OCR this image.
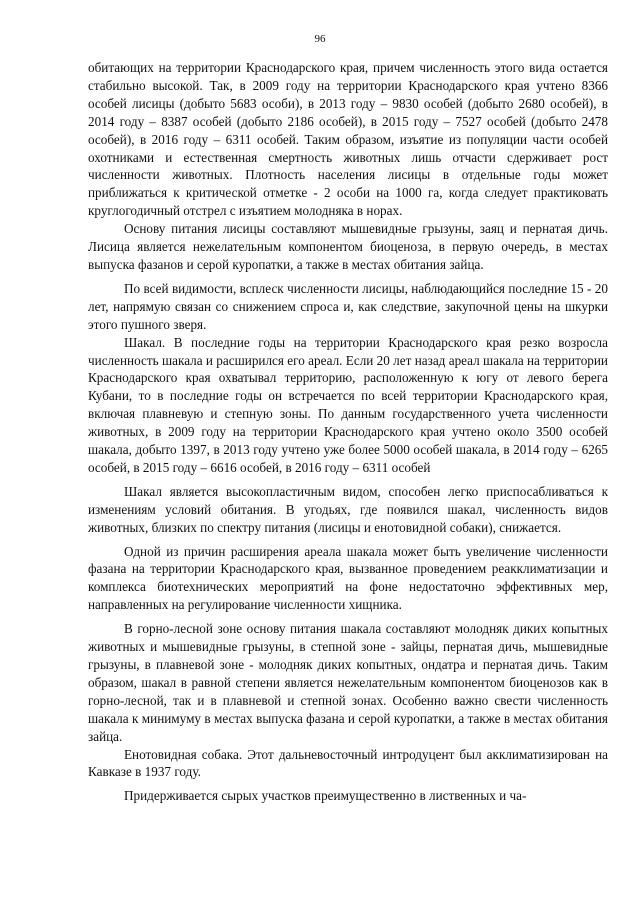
96

обитающих на территории Краснодарского края, причем численность этого вида остается стабильно высокой. Так, в 2009 году на территории Краснодарского края учтено 8366 особей лисицы (добыто 5683 особи), в 2013 году – 9830 особей (добыто 2680 особей), в 2014 году – 8387 особей (добыто 2186 особей), в 2015 году – 7527 особей (добыто 2478 особей), в 2016 году – 6311 особей. Таким образом, изъятие из популяции части особей охотниками и естественная смертность животных лишь отчасти сдерживает рост численности животных. Плотность населения лисицы в отдельные годы может приближаться к критической отметке - 2 особи на 1000 га, когда следует практиковать круглогодичный отстрел с изъятием молодняка в норах.

Основу питания лисицы составляют мышевидные грызуны, заяц и пернатая дичь. Лисица является нежелательным компонентом биоценоза, в первую очередь, в местах выпуска фазанов и серой куропатки, а также в местах обитания зайца.

По всей видимости, всплеск численности лисицы, наблюдающийся последние 15 - 20 лет, напрямую связан со снижением спроса и, как следствие, закупочной цены на шкурки этого пушного зверя.

Шакал. В последние годы на территории Краснодарского края резко возросла численность шакала и расширился его ареал. Если 20 лет назад ареал шакала на территории Краснодарского края охватывал территорию, расположенную к югу от левого берега Кубани, то в последние годы он встречается по всей территории Краснодарского края, включая плавневую и степную зоны. По данным государственного учета численности животных, в 2009 году на территории Краснодарского края учтено около 3500 особей шакала, добыто 1397, в 2013 году учтено уже более 5000 особей шакала, в 2014 году – 6265 особей, в 2015 году – 6616 особей, в 2016 году – 6311 особей

Шакал является высокопластичным видом, способен легко приспосабливаться к изменениям условий обитания. В угодьях, где появился шакал, численность видов животных, близких по спектру питания (лисицы и енотовидной собаки), снижается.

Одной из причин расширения ареала шакала может быть увеличение численности фазана на территории Краснодарского края, вызванное проведением реакклиматизации и комплекса биотехнических мероприятий на фоне недостаточно эффективных мер, направленных на регулирование численности хищника.

В горно-лесной зоне основу питания шакала составляют молодняк диких копытных животных и мышевидные грызуны, в степной зоне - зайцы, пернатая дичь, мышевидные грызуны, в плавневой зоне - молодняк диких копытных, ондатра и пернатая дичь. Таким образом, шакал в равной степени является нежелательным компонентом биоценозов как в горно-лесной, так и в плавневой и степной зонах. Особенно важно свести численность шакала к минимуму в местах выпуска фазана и серой куропатки, а также в местах обитания зайца.

Енотовидная собака. Этот дальневосточный интродуцент был акклиматизирован на Кавказе в 1937 году.

Придерживается сырых участков преимущественно в лиственных и ча-
